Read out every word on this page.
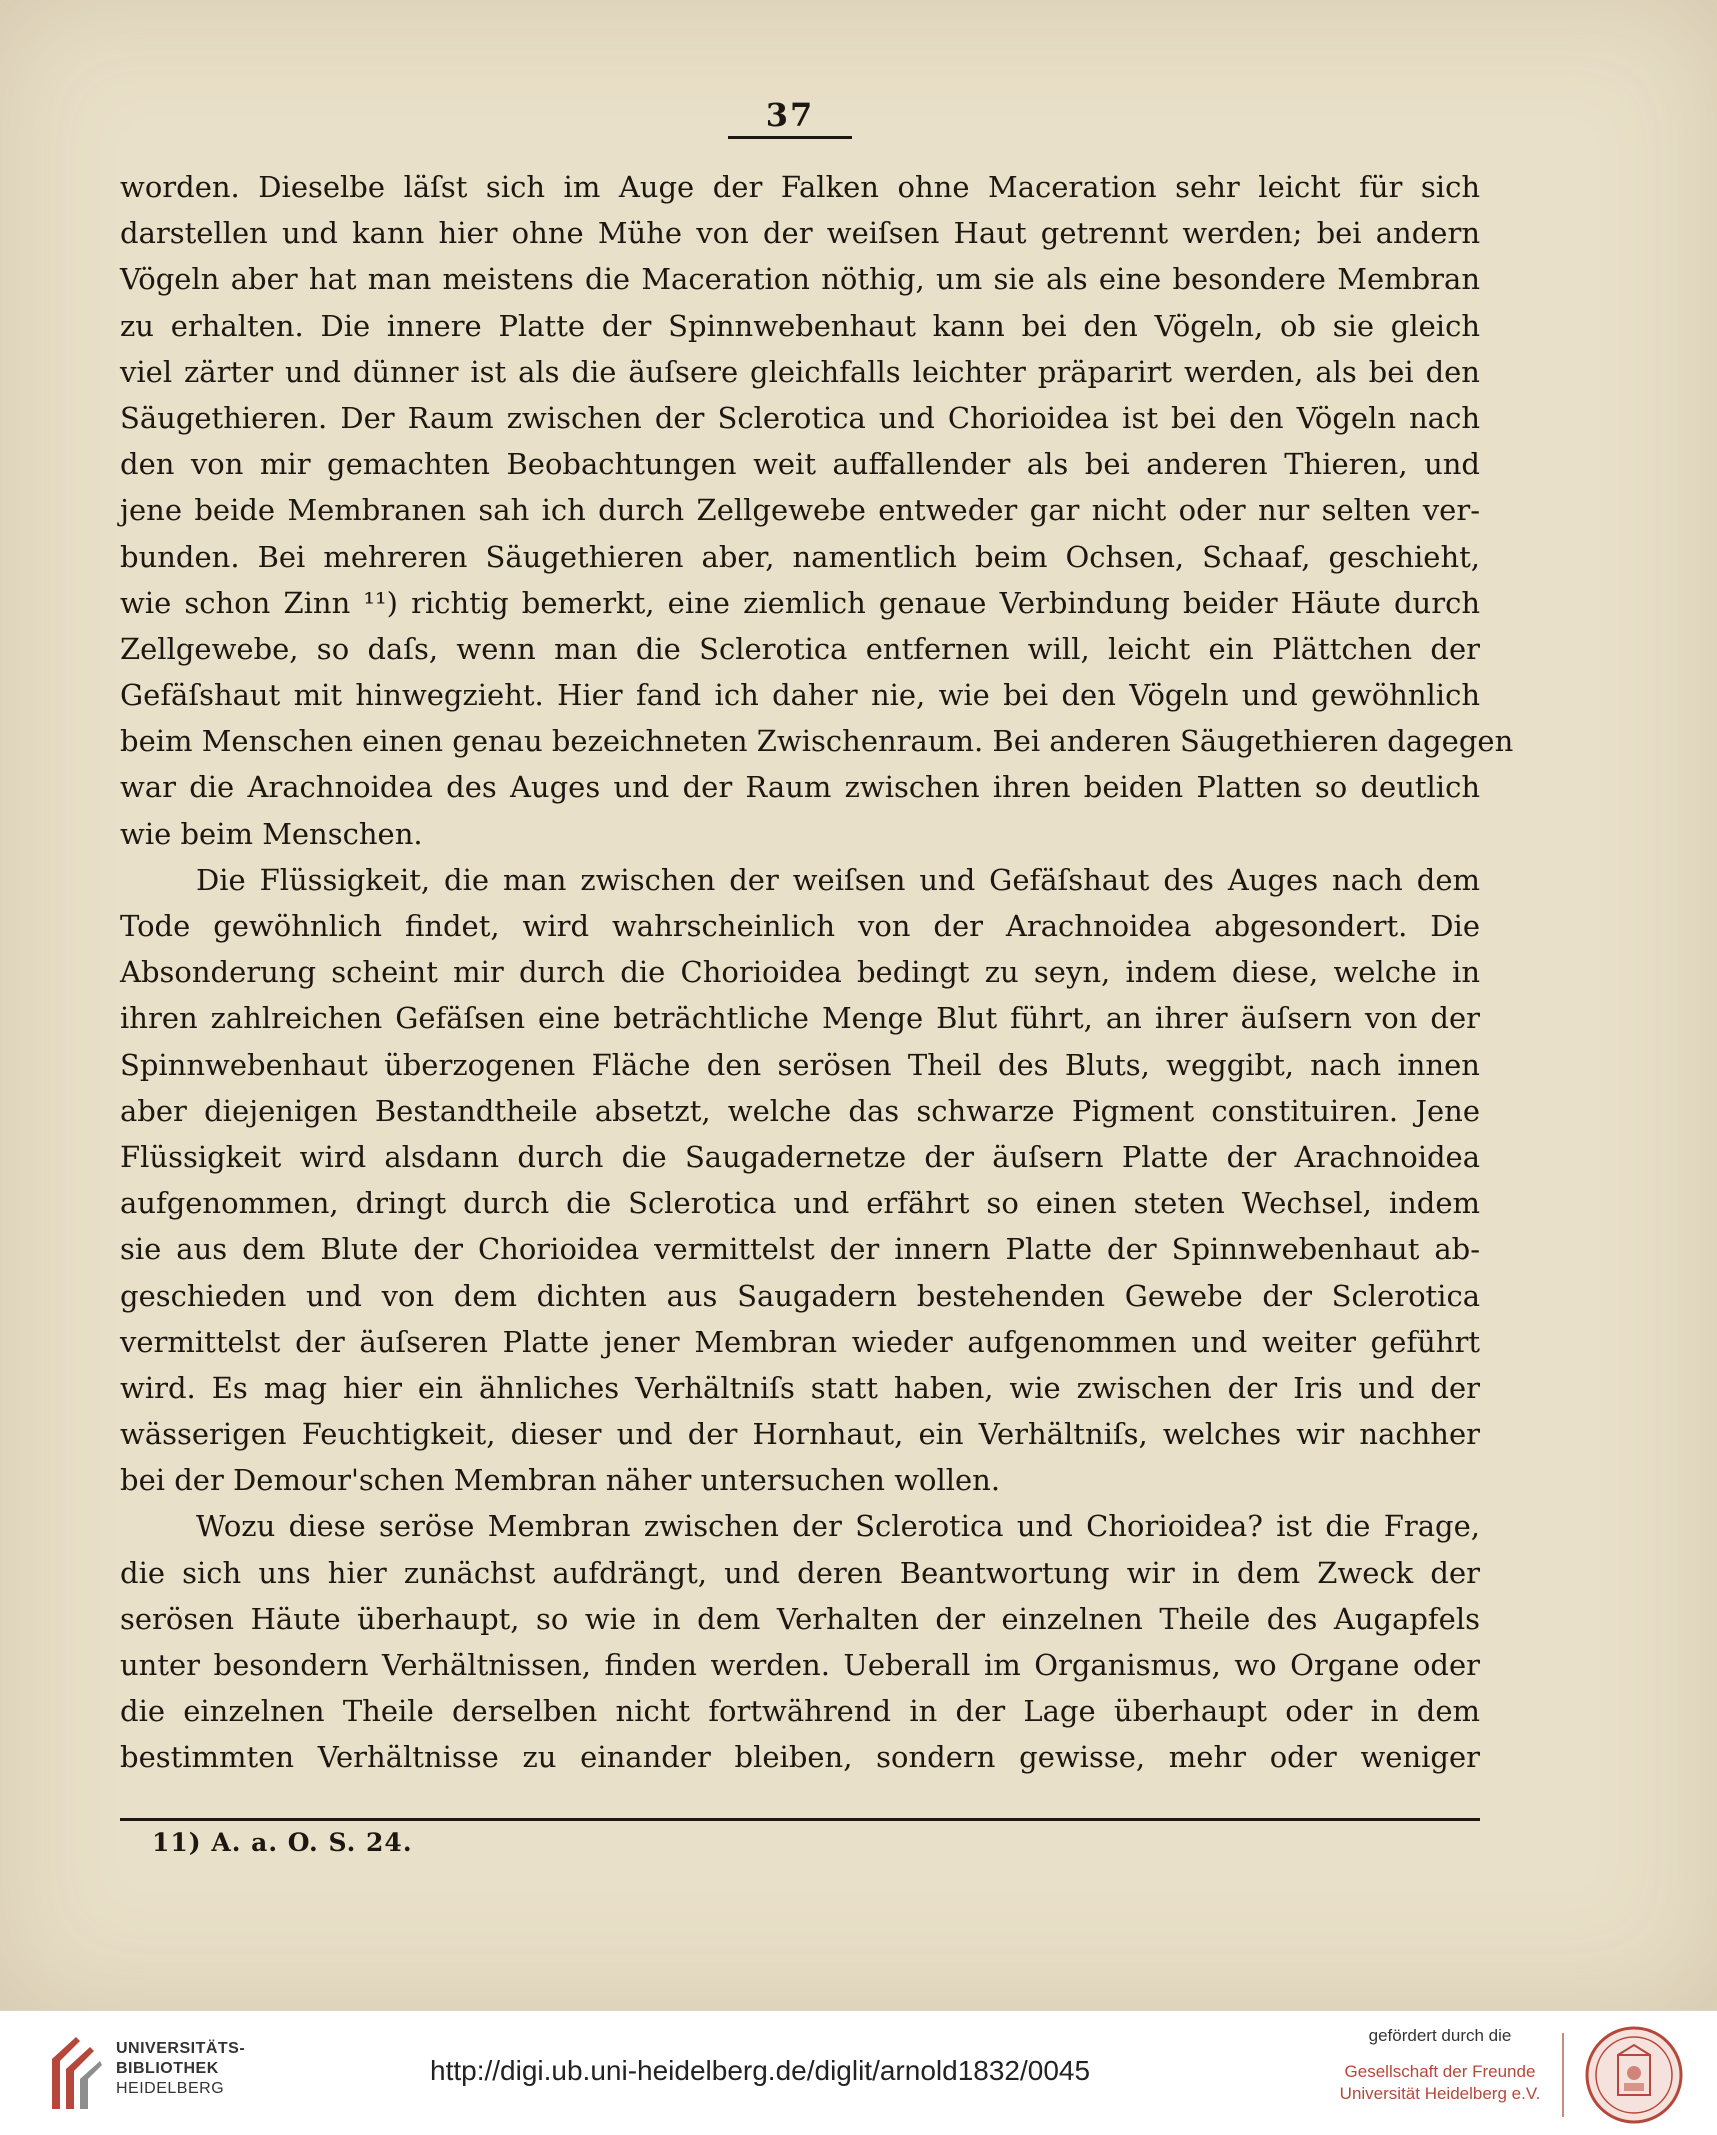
37
worden. Dieselbe läſst sich im Auge der Falken ohne Maceration sehr leicht für sich
darstellen und kann hier ohne Mühe von der weiſsen Haut getrennt werden; bei andern
Vögeln aber hat man meistens die Maceration nöthig, um sie als eine besondere Membran
zu erhalten. Die innere Platte der Spinnwebenhaut kann bei den Vögeln, ob sie gleich
viel zärter und dünner ist als die äuſsere gleichfalls leichter präparirt werden, als bei den
Säugethieren. Der Raum zwischen der Sclerotica und Chorioidea ist bei den Vögeln nach
den von mir gemachten Beobachtungen weit auffallender als bei anderen Thieren, und
jene beide Membranen sah ich durch Zellgewebe entweder gar nicht oder nur selten ver-
bunden. Bei mehreren Säugethieren aber, namentlich beim Ochsen, Schaaf, geschieht,
wie schon Zinn ¹¹) richtig bemerkt, eine ziemlich genaue Verbindung beider Häute durch
Zellgewebe, so daſs, wenn man die Sclerotica entfernen will, leicht ein Plättchen der
Gefäſshaut mit hinwegzieht. Hier fand ich daher nie, wie bei den Vögeln und gewöhnlich
beim Menschen einen genau bezeichneten Zwischenraum. Bei anderen Säugethieren dagegen
war die Arachnoidea des Auges und der Raum zwischen ihren beiden Platten so deutlich
wie beim Menschen.
Die Flüssigkeit, die man zwischen der weiſsen und Gefäſshaut des Auges nach dem
Tode gewöhnlich findet, wird wahrscheinlich von der Arachnoidea abgesondert. Die
Absonderung scheint mir durch die Chorioidea bedingt zu seyn, indem diese, welche in
ihren zahlreichen Gefäſsen eine beträchtliche Menge Blut führt, an ihrer äuſsern von der
Spinnwebenhaut überzogenen Fläche den serösen Theil des Bluts, weggibt, nach innen
aber diejenigen Bestandtheile absetzt, welche das schwarze Pigment constituiren. Jene
Flüssigkeit wird alsdann durch die Saugadernetze der äuſsern Platte der Arachnoidea
aufgenommen, dringt durch die Sclerotica und erfährt so einen steten Wechsel, indem
sie aus dem Blute der Chorioidea vermittelst der innern Platte der Spinnwebenhaut ab-
geschieden und von dem dichten aus Saugadern bestehenden Gewebe der Sclerotica
vermittelst der äuſseren Platte jener Membran wieder aufgenommen und weiter geführt
wird. Es mag hier ein ähnliches Verhältniſs statt haben, wie zwischen der Iris und der
wässerigen Feuchtigkeit, dieser und der Hornhaut, ein Verhältniſs, welches wir nachher
bei der Demour'schen Membran näher untersuchen wollen.
Wozu diese seröse Membran zwischen der Sclerotica und Chorioidea? ist die Frage,
die sich uns hier zunächst aufdrängt, und deren Beantwortung wir in dem Zweck der
serösen Häute überhaupt, so wie in dem Verhalten der einzelnen Theile des Augapfels
unter besondern Verhältnissen, finden werden. Ueberall im Organismus, wo Organe oder
die einzelnen Theile derselben nicht fortwährend in der Lage überhaupt oder in dem
bestimmten Verhältnisse zu einander bleiben, sondern gewisse, mehr oder weniger
11) A. a. O. S. 24.
UNIVERSITÄTS-
BIBLIOTHEK
HEIDELBERG
http://digi.ub.uni-heidelberg.de/diglit/arnold1832/0045
gefördert durch die
Gesellschaft der Freunde
Universität Heidelberg e.V.
